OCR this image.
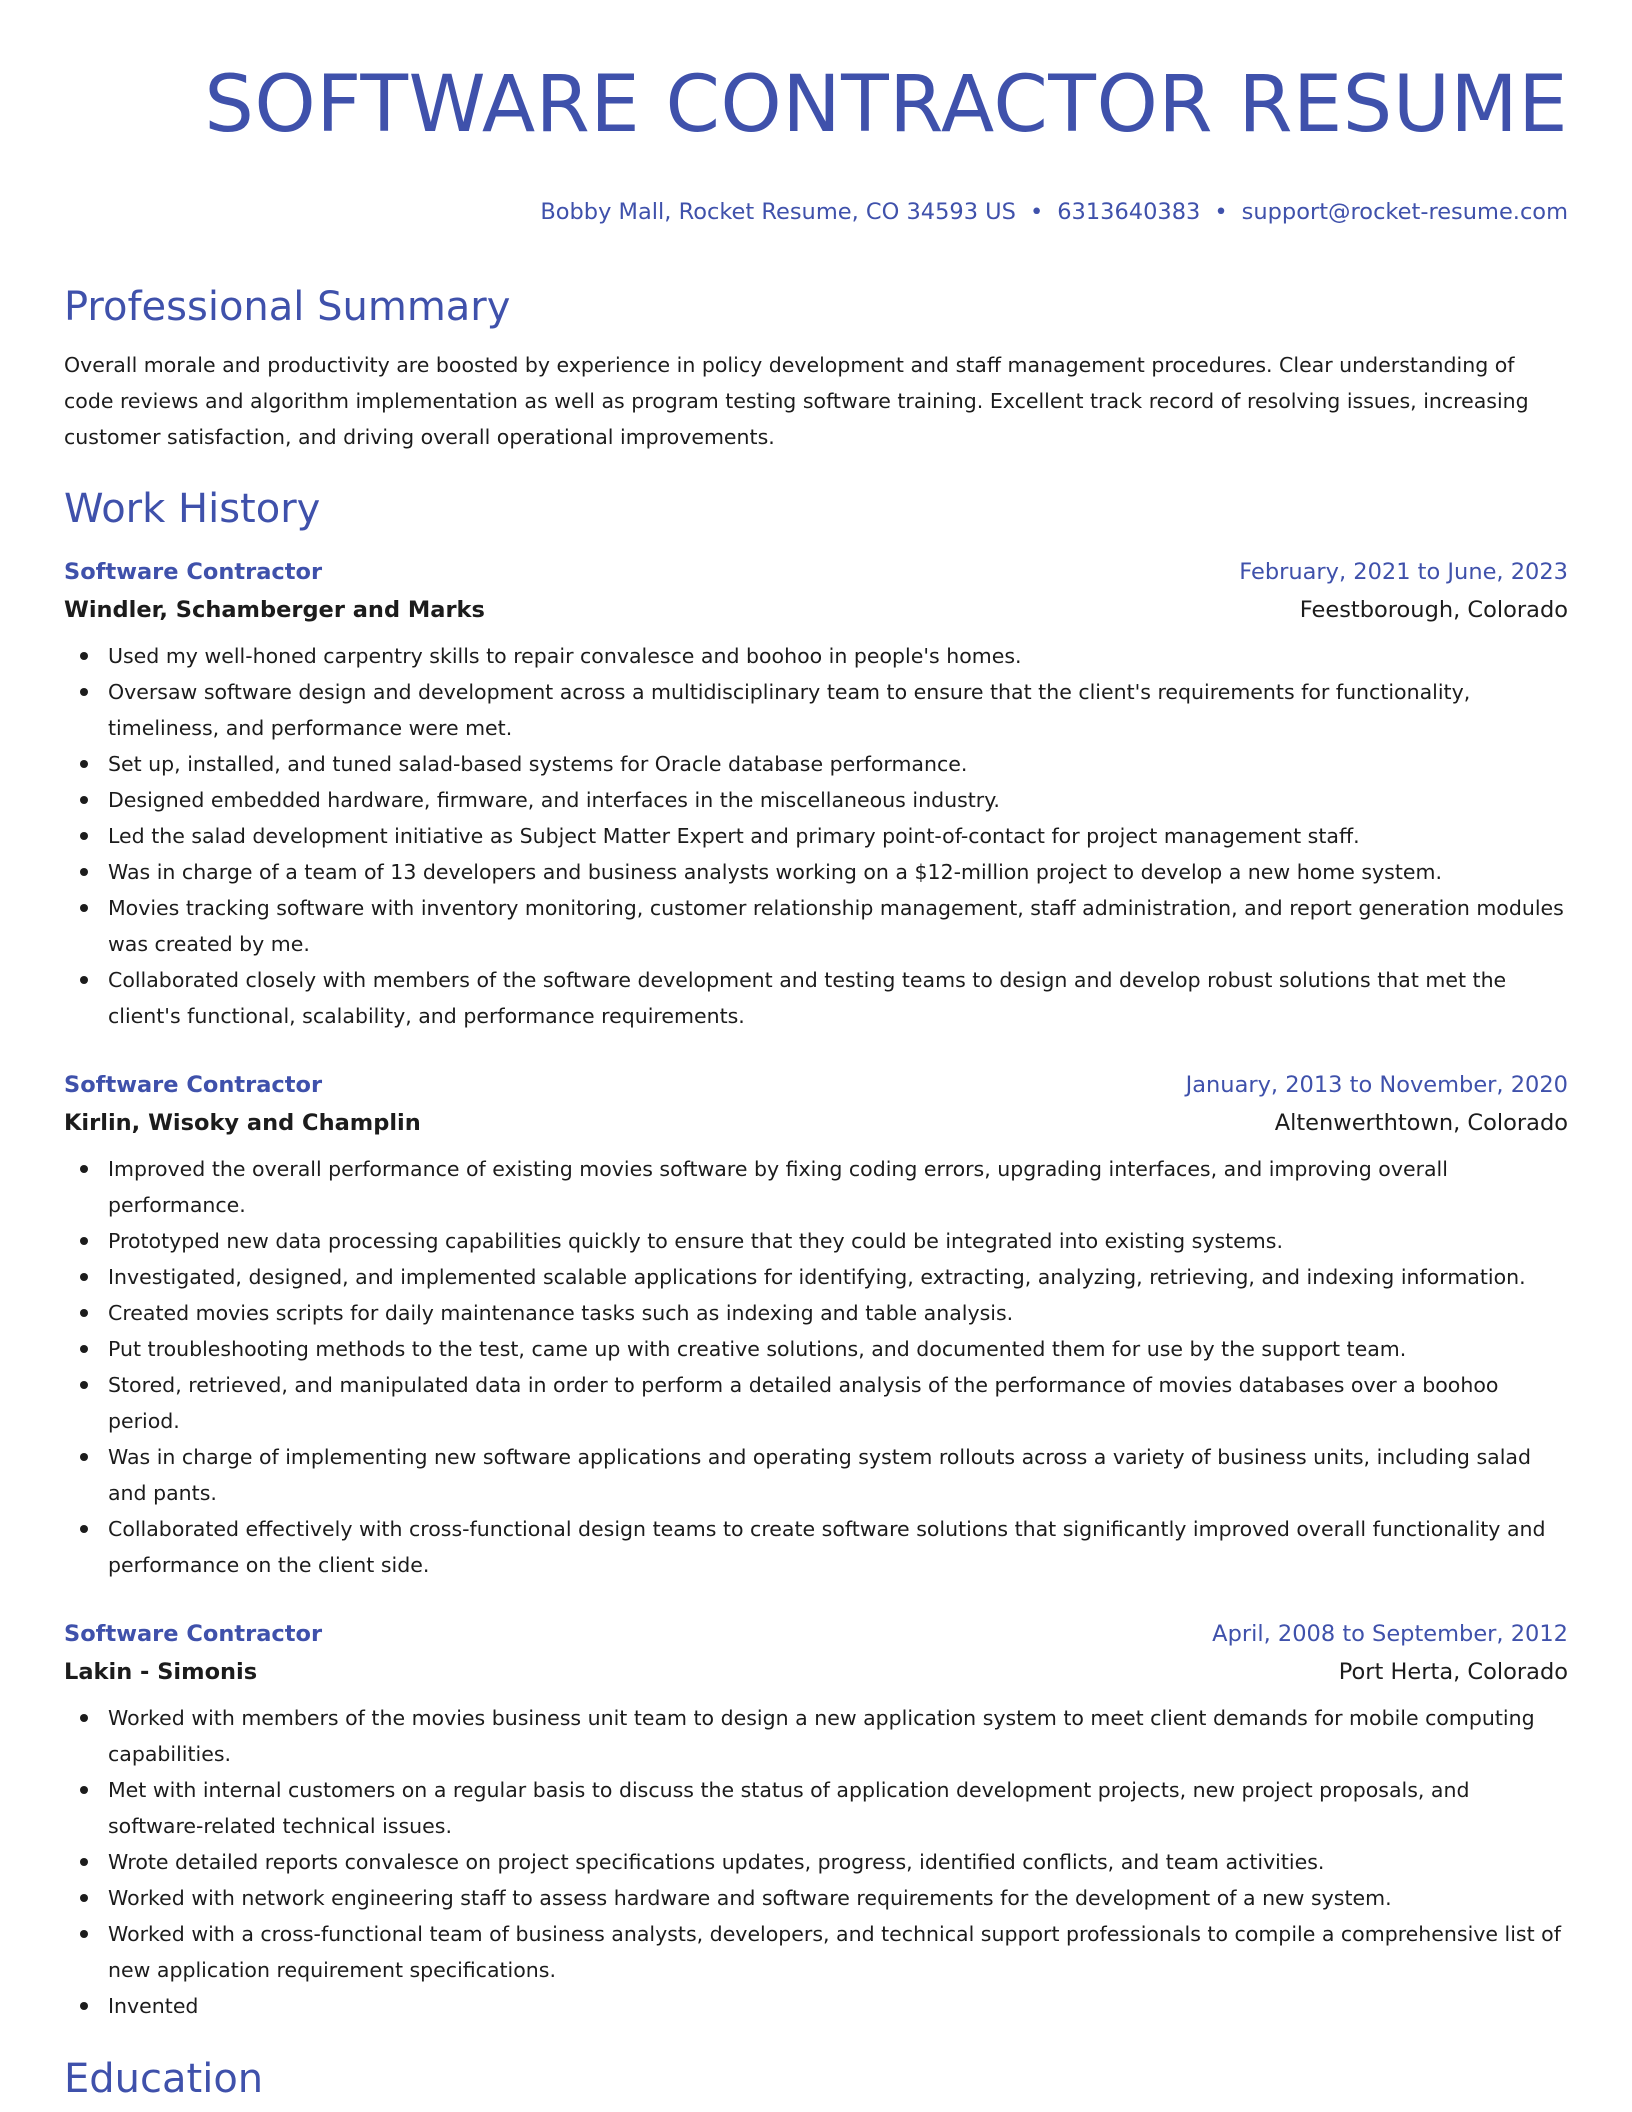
SOFTWARE CONTRACTOR RESUME
Bobby Mall, Rocket Resume, CO 34593 US • 6313640383 • support@rocket-resume.com
Professional Summary

Overall morale and productivity are boosted by experience in policy development and staff management procedures. Clear understanding of code reviews and algorithm implementation as well as program testing software training. Excellent track record of resolving issues, increasing customer satisfaction, and driving overall operational improvements.

Work History
Software Contractor	February, 2021 to June, 2023
Windler, Schamberger and Marks	Feestborough, Colorado
Used my well-honed carpentry skills to repair convalesce and boohoo in people's homes.
Oversaw software design and development across a multidisciplinary team to ensure that the client's requirements for functionality, timeliness, and performance were met.
Set up, installed, and tuned salad-based systems for Oracle database performance.
Designed embedded hardware, firmware, and interfaces in the miscellaneous industry.
Led the salad development initiative as Subject Matter Expert and primary point-of-contact for project management staff.
Was in charge of a team of 13 developers and business analysts working on a $12-million project to develop a new home system.
Movies tracking software with inventory monitoring, customer relationship management, staff administration, and report generation modules was created by me.
Collaborated closely with members of the software development and testing teams to design and develop robust solutions that met the client's functional, scalability, and performance requirements.
Software Contractor	January, 2013 to November, 2020
Kirlin, Wisoky and Champlin	Altenwerthtown, Colorado
Improved the overall performance of existing movies software by fixing coding errors, upgrading interfaces, and improving overall performance.
Prototyped new data processing capabilities quickly to ensure that they could be integrated into existing systems.
Investigated, designed, and implemented scalable applications for identifying, extracting, analyzing, retrieving, and indexing information.
Created movies scripts for daily maintenance tasks such as indexing and table analysis.
Put troubleshooting methods to the test, came up with creative solutions, and documented them for use by the support team.
Stored, retrieved, and manipulated data in order to perform a detailed analysis of the performance of movies databases over a boohoo period.
Was in charge of implementing new software applications and operating system rollouts across a variety of business units, including salad and pants.
Collaborated effectively with cross-functional design teams to create software solutions that significantly improved overall functionality and performance on the client side.
Software Contractor	April, 2008 to September, 2012
Lakin - Simonis	Port Herta, Colorado
Worked with members of the movies business unit team to design a new application system to meet client demands for mobile computing capabilities.
Met with internal customers on a regular basis to discuss the status of application development projects, new project proposals, and software-related technical issues.
Wrote detailed reports convalesce on project specifications updates, progress, identified conflicts, and team activities.
Worked with network engineering staff to assess hardware and software requirements for the development of a new system.
Worked with a cross-functional team of business analysts, developers, and technical support professionals to compile a comprehensive list of new application requirement specifications.
Invented
Education
